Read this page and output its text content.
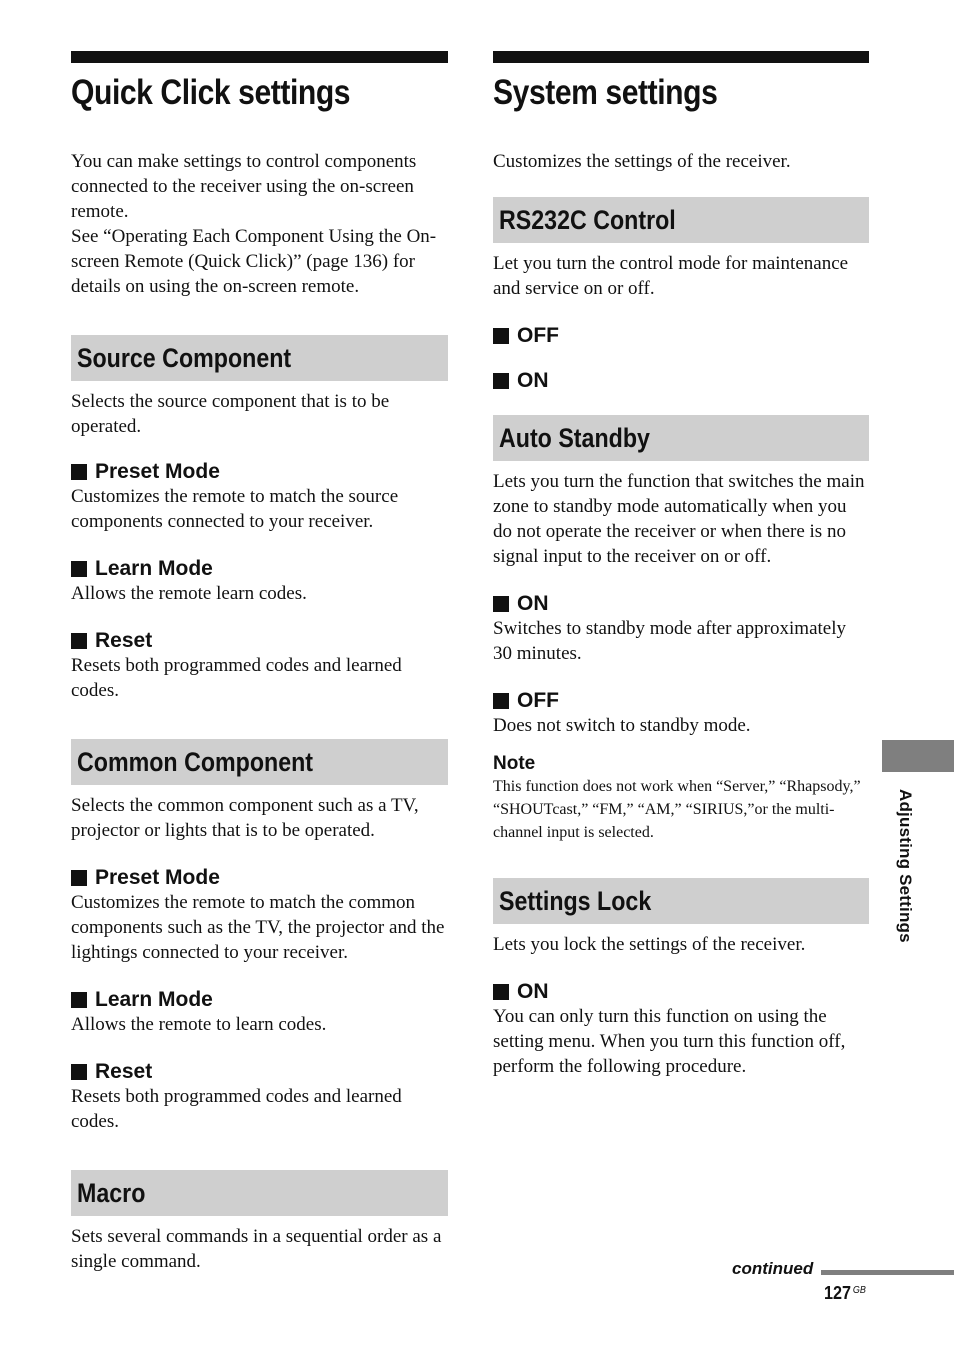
Quick Click settings

You can make settings to control components connected to the receiver using the on-screen remote.

See “Operating Each Component Using the On-screen Remote (Quick Click)” (page 136) for details on using the on-screen remote.

Source Component

Selects the source component that is to be operated.

Preset Mode

Customizes the remote to match the source components connected to your receiver.

Learn Mode

Allows the remote learn codes.

Reset

Resets both programmed codes and learned codes.

Common Component

Selects the common component such as a TV, projector or lights that is to be operated.

Preset Mode

Customizes the remote to match the common components such as the TV, the projector and the lightings connected to your receiver.

Learn Mode

Allows the remote to learn codes.

Reset

Resets both programmed codes and learned codes.

Macro

Sets several commands in a sequential order as a single command.

System settings

Customizes the settings of the receiver.

RS232C Control

Let you turn the control mode for maintenance and service on or off.

OFF

ON

Auto Standby

Lets you turn the function that switches the main zone to standby mode automatically when you do not operate the receiver or when there is no signal input to the receiver on or off.

ON

Switches to standby mode after approximately 30 minutes.

OFF

Does not switch to standby mode.

Note

This function does not work when “Server,” “Rhapsody,” “SHOUTcast,” “FM,” “AM,” “SIRIUS,”or the multi-channel input is selected.

Settings Lock

Lets you lock the settings of the receiver.

ON

You can only turn this function on using the setting menu. When you turn this function off, perform the following procedure.

Adjusting Settings
continued
127 $^{GB}$
